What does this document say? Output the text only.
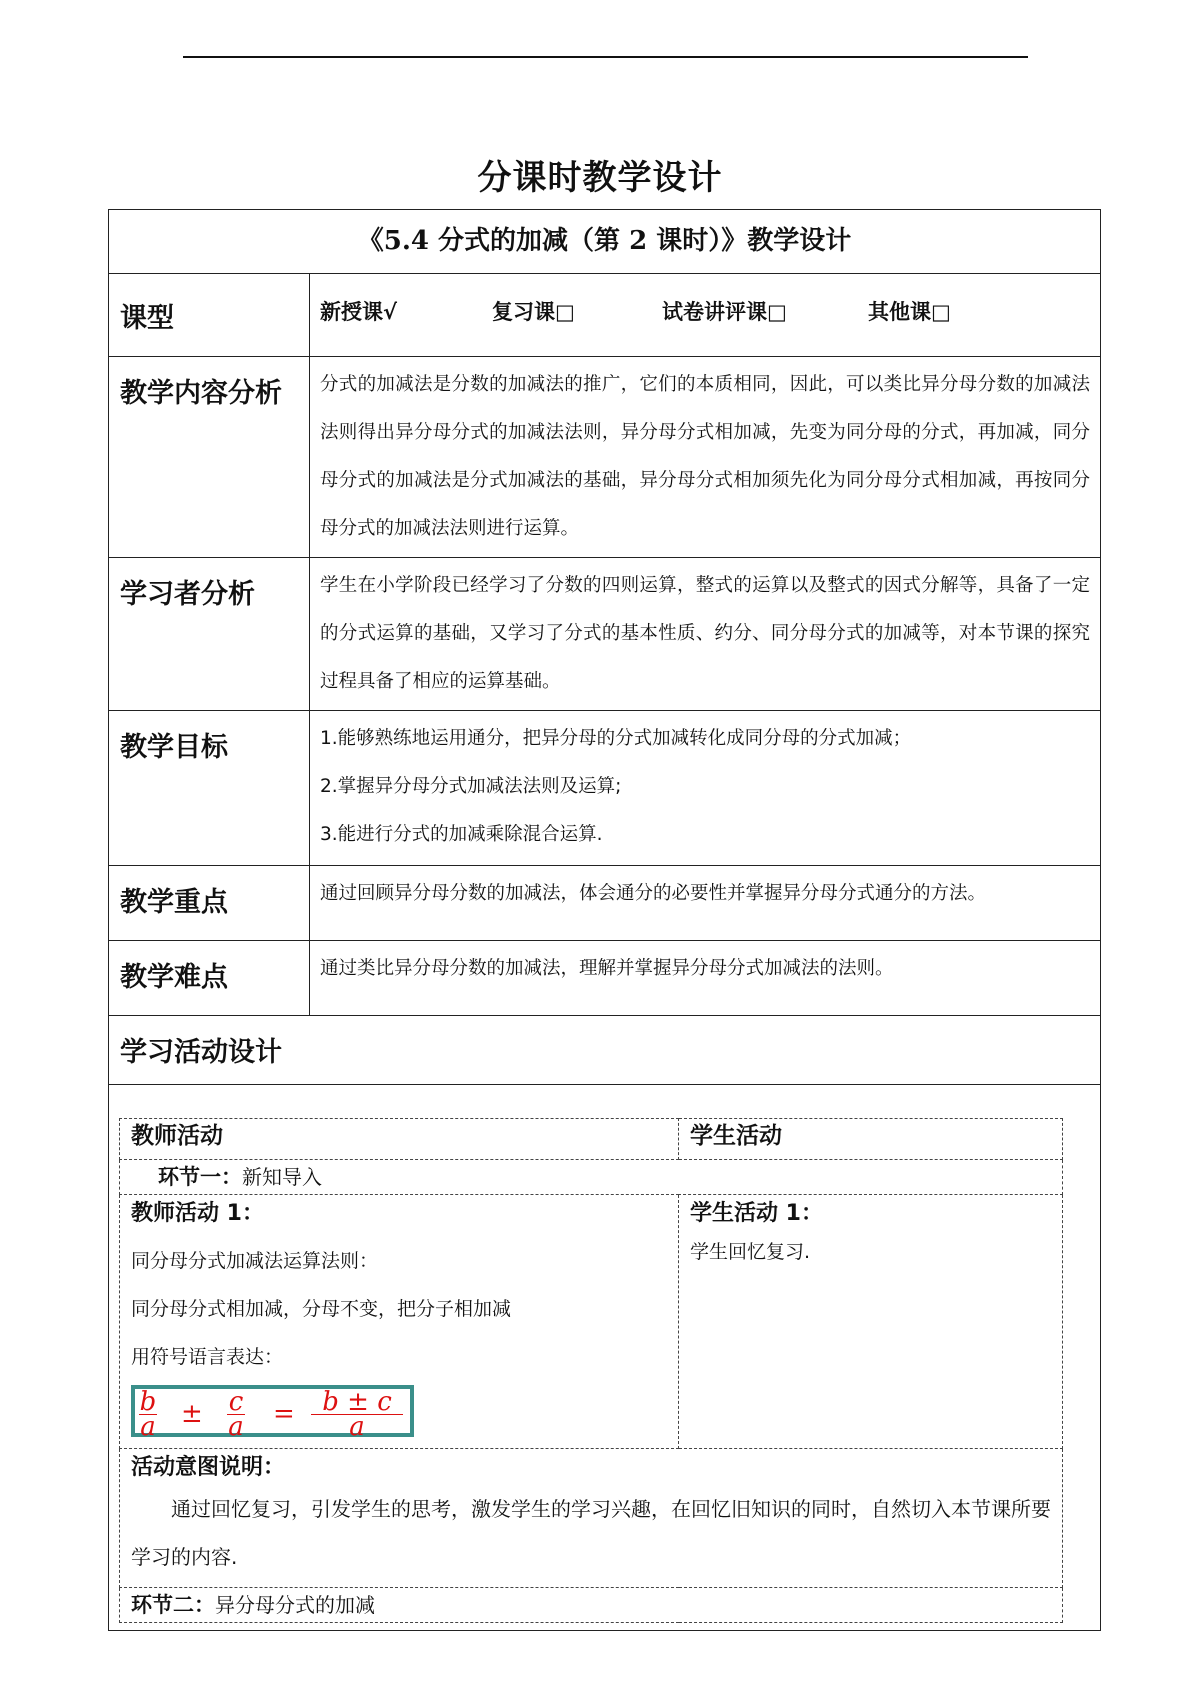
分课时教学设计
《5.4 分式的加减（第 2 课时）》教学设计
课型	新授课√	复习课□	试卷讲评课□	其他课□
教学内容分析	分式的加减法是分数的加减法的推广，它们的本质相同，因此，可以类比异分母分数的加减法法则得出异分母分式的加减法法则，异分母分式相加减，先变为同分母的分式，再加减，同分母分式的加减法是分式加减法的基础，异分母分式相加须先化为同分母分式相加减，再按同分母分式的加减法法则进行运算。
学习者分析	学生在小学阶段已经学习了分数的四则运算，整式的运算以及整式的因式分解等，具备了一定的分式运算的基础，又学习了分式的基本性质、约分、同分母分式的加减等，对本节课的探究过程具备了相应的运算基础。
教学目标	1.能够熟练地运用通分，把异分母的分式加减转化成同分母的分式加减；

2.掌握异分母分式加减法法则及运算;

3.能进行分式的加减乘除混合运算.

教学重点	通过回顾异分母分数的加减法，体会通分的必要性并掌握异分母分式通分的方法。
教学难点	通过类比异分母分数的加减法，理解并掌握异分母分式加减法的法则。
学习活动设计

教师活动	学生活动
环节一：新知导入

教师活动 1：
同分母分式加减法运算法则：
同分母分式相加减，分母不变，把分子相加减
用符号语言表达：
b
a ± c
a =	b ± c
a

学生活动 1：
学生回忆复习.

活动意图说明：
通过回忆复习，引发学生的思考，激发学生的学习兴趣，在回忆旧知识的同时，自然切入本节课所要学习的内容.

环节二：异分母分式的加减
